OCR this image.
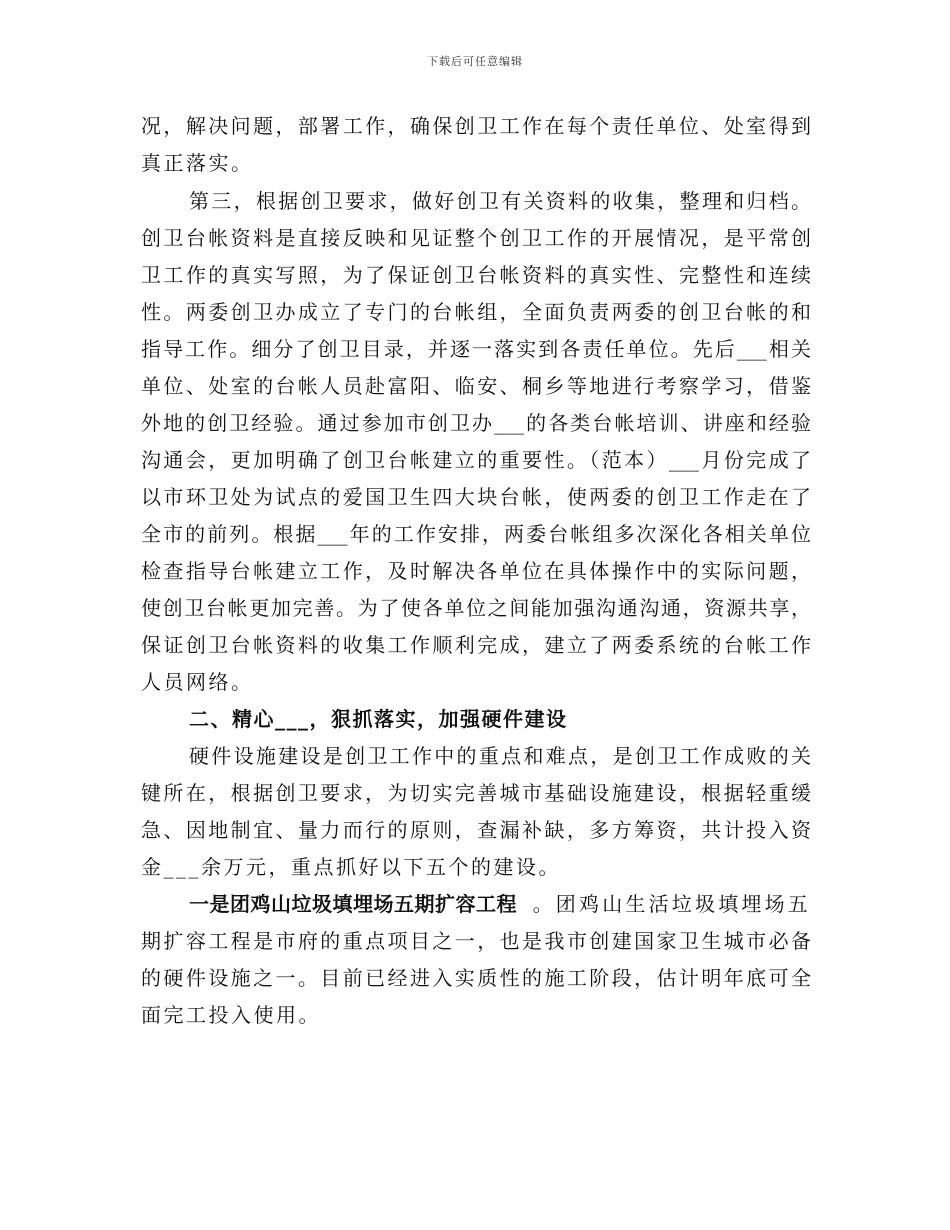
下载后可任意编辑
况，解决问题，部署工作，确保创卫工作在每个责任单位、处室得到
真正落实。
第三，根据创卫要求，做好创卫有关资料的收集，整理和归档。
创卫台帐资料是直接反映和见证整个创卫工作的开展情况，是平常创
卫工作的真实写照，为了保证创卫台帐资料的真实性、完整性和连续
性。两委创卫办成立了专门的台帐组，全面负责两委的创卫台帐的和
指导工作。细分了创卫目录，并逐一落实到各责任单位。先后___相关
单位、处室的台帐人员赴富阳、临安、桐乡等地进行考察学习，借鉴
外地的创卫经验。通过参加市创卫办___的各类台帐培训、讲座和经验
沟通会，更加明确了创卫台帐建立的重要性。（范本）___月份完成了
以市环卫处为试点的爱国卫生四大块台帐，使两委的创卫工作走在了
全市的前列。根据___年的工作安排，两委台帐组多次深化各相关单位
检查指导台帐建立工作，及时解决各单位在具体操作中的实际问题，
使创卫台帐更加完善。为了使各单位之间能加强沟通沟通，资源共享，
保证创卫台帐资料的收集工作顺利完成，建立了两委系统的台帐工作
人员网络。
二、精心___，狠抓落实，加强硬件建设
硬件设施建设是创卫工作中的重点和难点，是创卫工作成败的关
键所在，根据创卫要求，为切实完善城市基础设施建设，根据轻重缓
急、因地制宜、量力而行的原则，查漏补缺，多方筹资，共计投入资
金___余万元，重点抓好以下五个的建设。
一是团鸡山垃圾填埋场五期扩容工程 。团鸡山生活垃圾填埋场五
期扩容工程是市府的重点项目之一，也是我市创建国家卫生城市必备
的硬件设施之一。目前已经进入实质性的施工阶段，估计明年底可全
面完工投入使用。
